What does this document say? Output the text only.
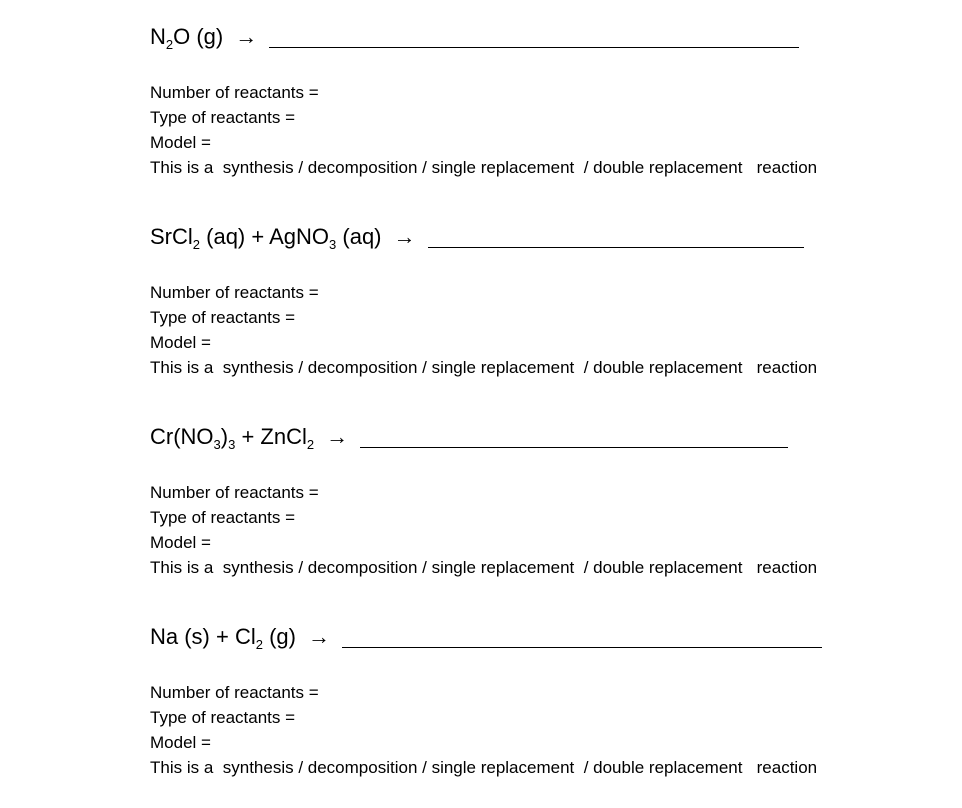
$N_2O$ (g) →
Number of reactants =
Type of reactants =
Model =
This is a  synthesis / decomposition / single replacement  / double replacement   reaction
SrCl$_2$ (aq) + AgNO$_3$ (aq) →
Number of reactants =
Type of reactants =
Model =
This is a  synthesis / decomposition / single replacement  / double replacement   reaction
$Cr(NO_3)_3$ + ZnCl$_2$ →
Number of reactants =
Type of reactants =
Model =
This is a  synthesis / decomposition / single replacement  / double replacement   reaction
Na $(s) + Cl_2$ (g) →
Number of reactants =
Type of reactants =
Model =
This is a  synthesis / decomposition / single replacement  / double replacement   reaction
